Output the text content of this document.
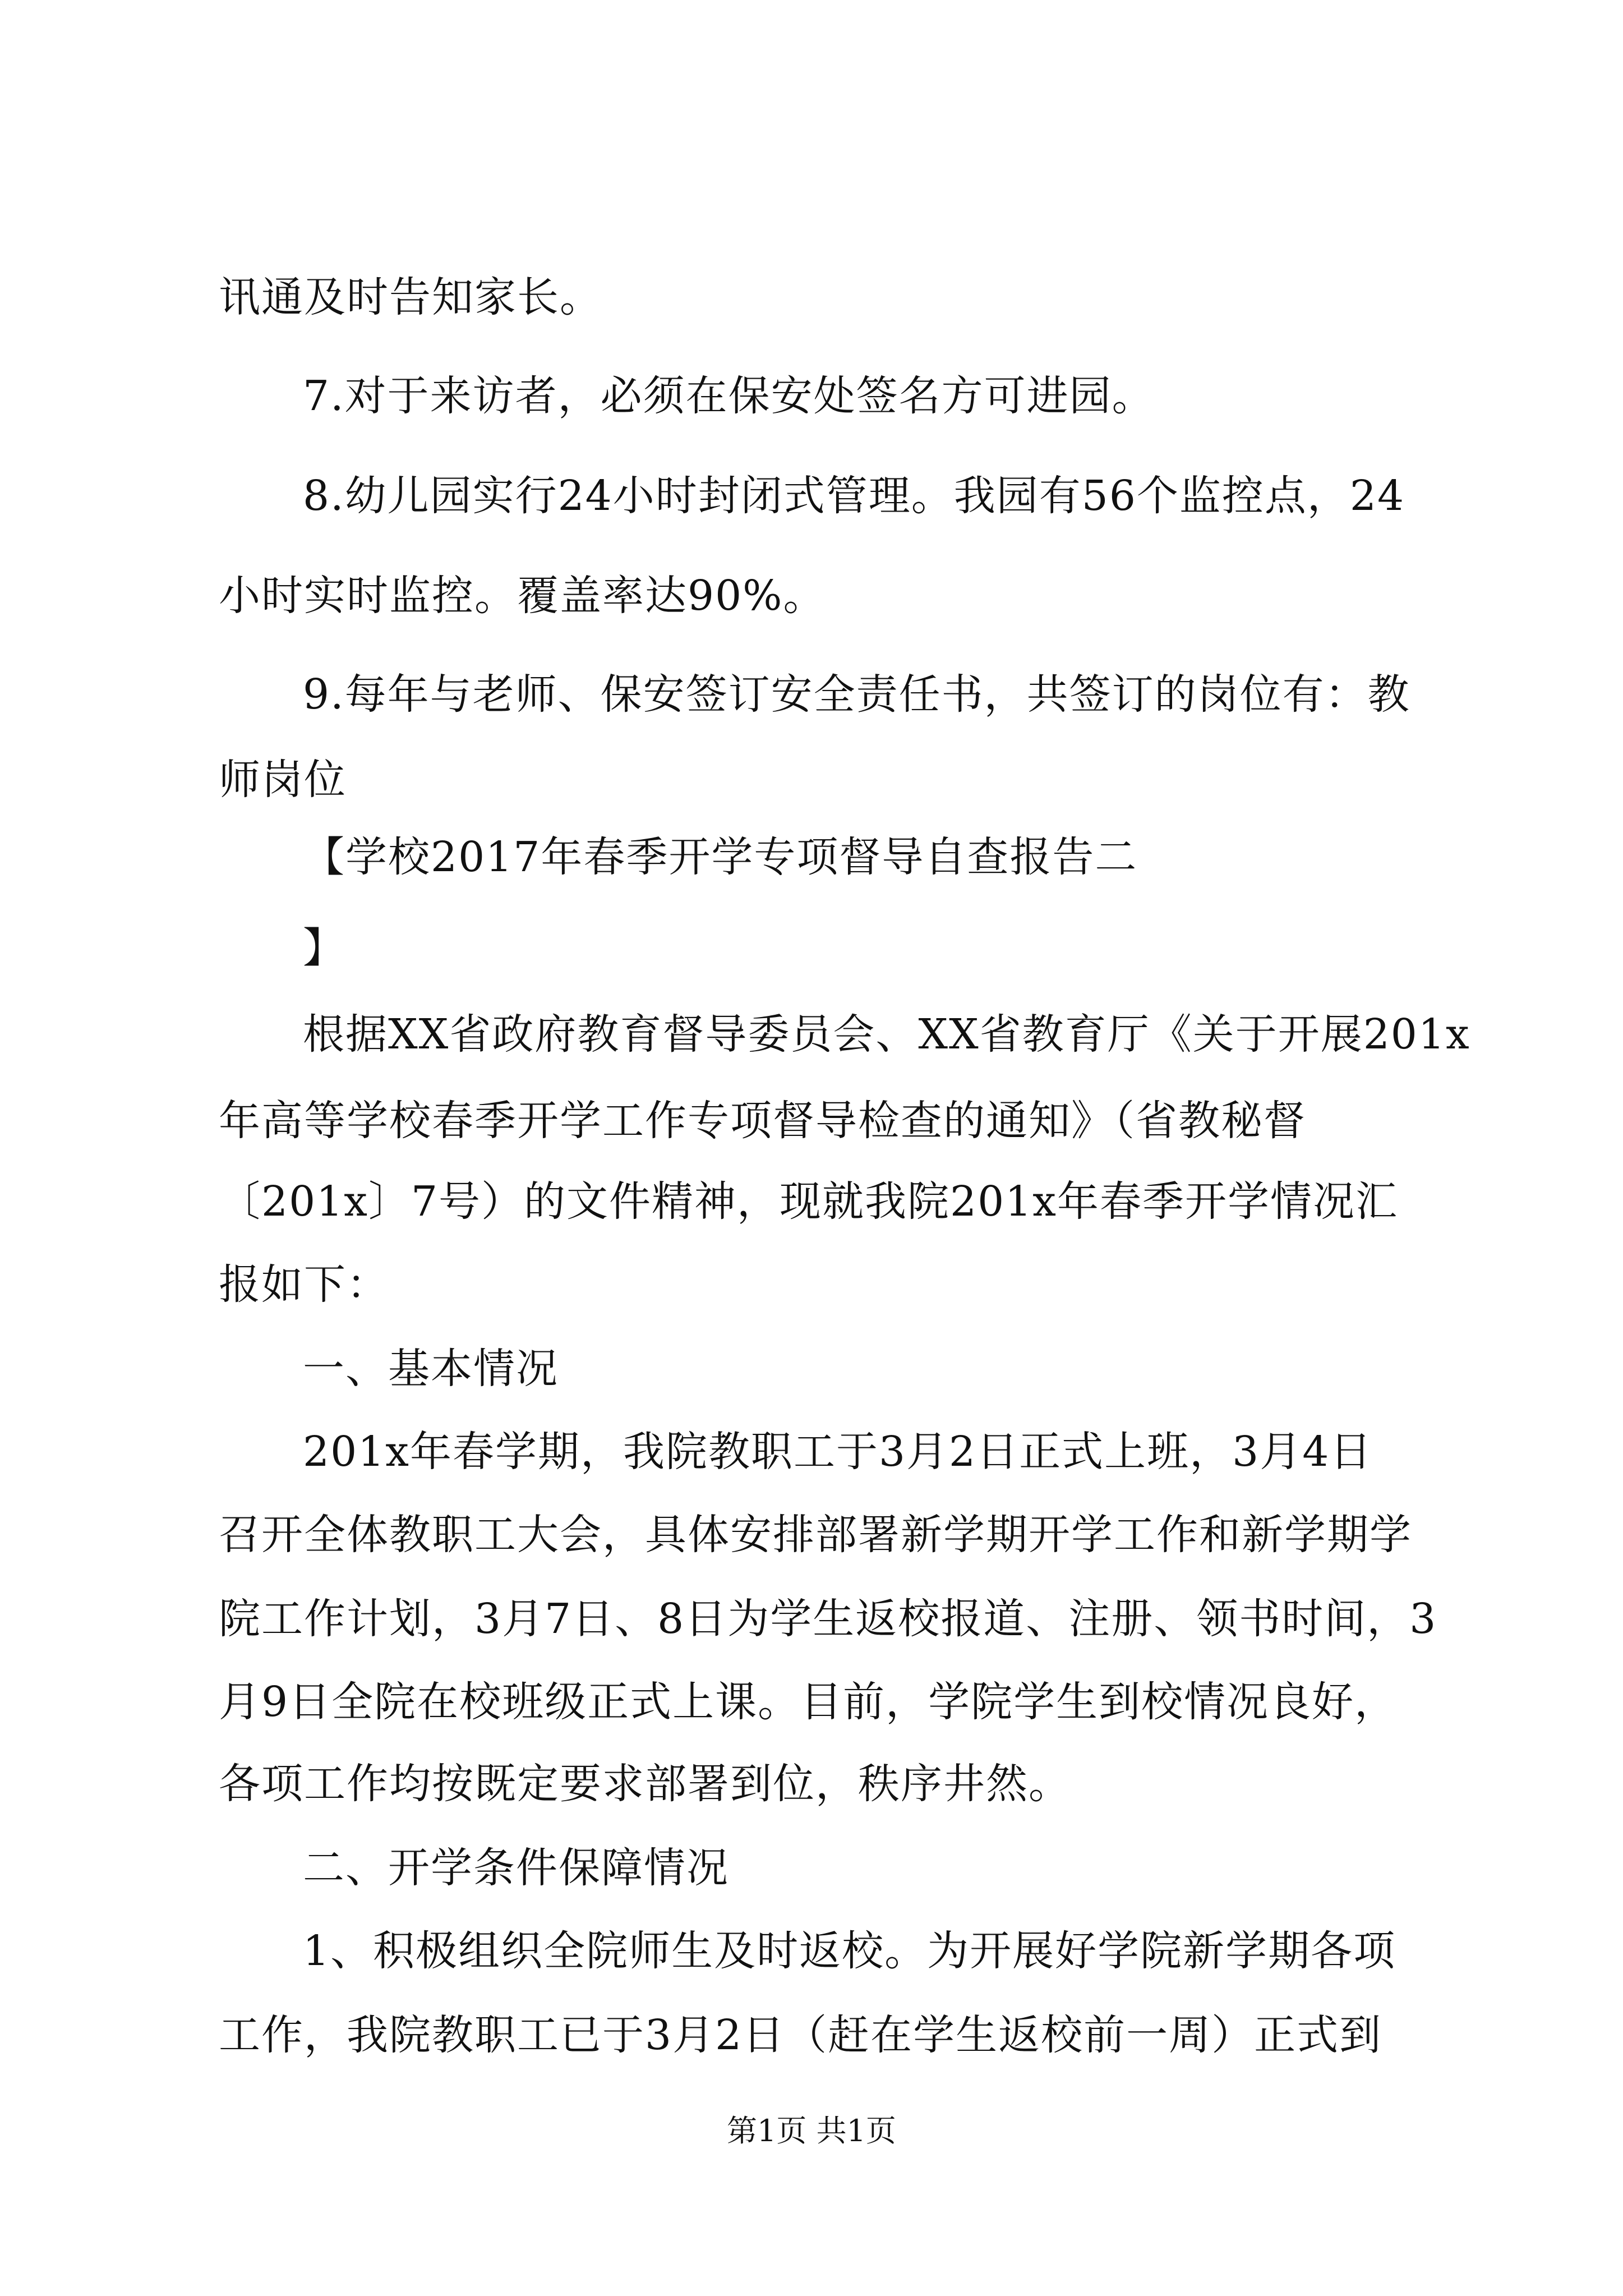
讯通及时告知家长。
7.对于来访者，必须在保安处签名方可进园。
8.幼儿园实行24小时封闭式管理。我园有56个监控点，24
小时实时监控。覆盖率达90%。
9.每年与老师、保安签订安全责任书，共签订的岗位有：教
师岗位
【学校2017年春季开学专项督导自查报告二
】
根据XX省政府教育督导委员会、XX省教育厅《关于开展201x
年高等学校春季开学工作专项督导检查的通知》（省教秘督
〔201x〕7号）的文件精神，现就我院201x年春季开学情况汇
报如下：
一、基本情况
201x年春学期，我院教职工于3月2日正式上班，3月4日
召开全体教职工大会，具体安排部署新学期开学工作和新学期学
院工作计划，3月7日、8日为学生返校报道、注册、领书时间，3
月9日全院在校班级正式上课。目前，学院学生到校情况良好，
各项工作均按既定要求部署到位，秩序井然。
二、开学条件保障情况
1、积极组织全院师生及时返校。为开展好学院新学期各项
工作，我院教职工已于3月2日（赶在学生返校前一周）正式到
第1页 共1页
